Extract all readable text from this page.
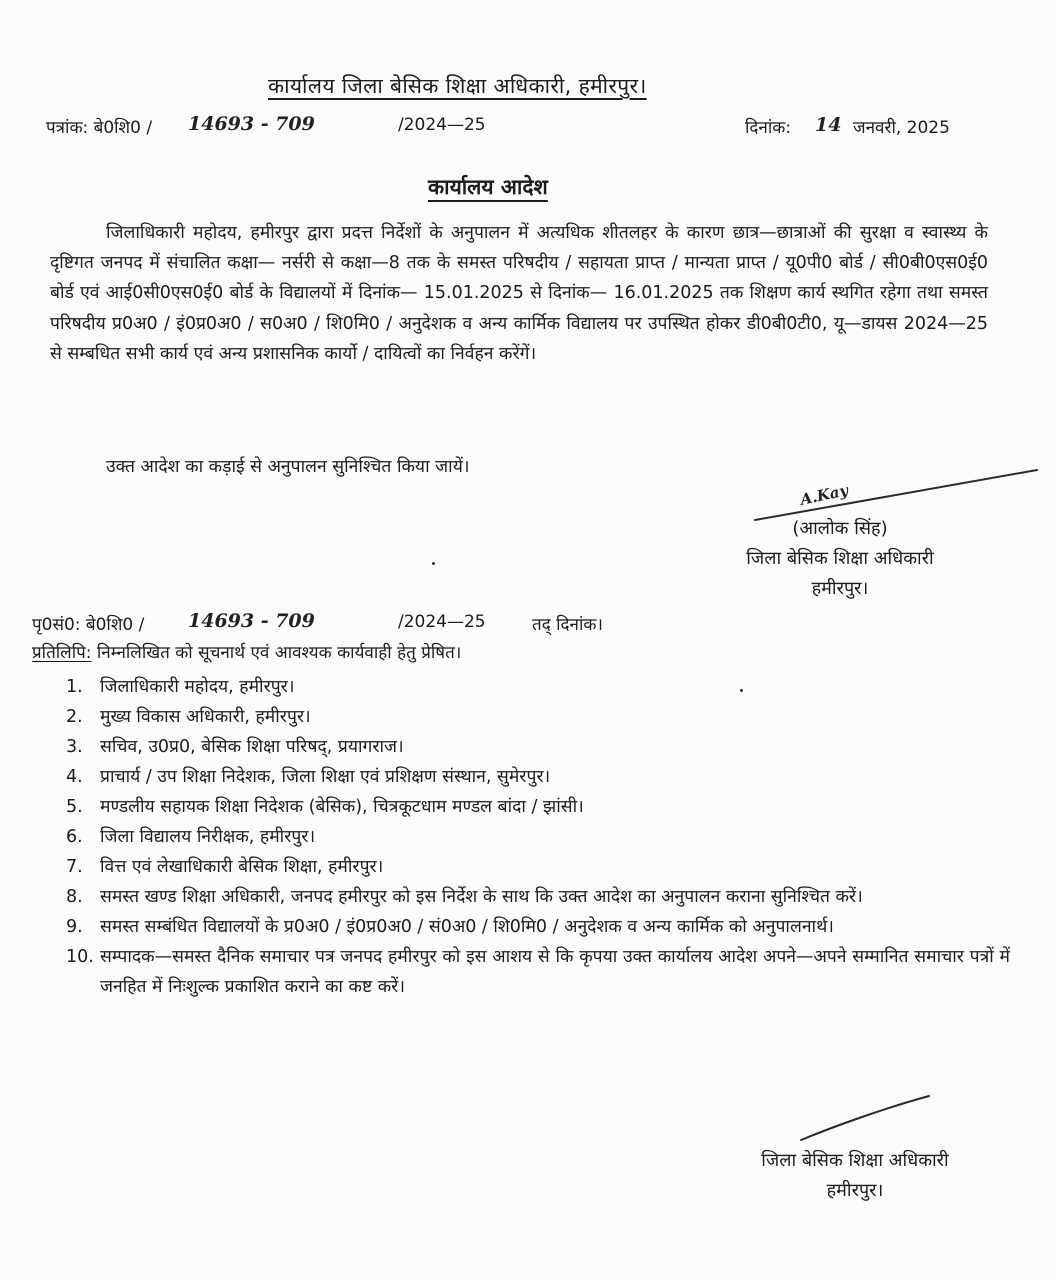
कार्यालय जिला बेसिक शिक्षा अधिकारी, हमीरपुर।
पत्रांक: बे0शि0 / 14693 - 709	/2024—25	दिनांक: 14 जनवरी, 2025
कार्यालय आदेश
जिलाधिकारी महोदय, हमीरपुर द्वारा प्रदत्त निर्देशों के अनुपालन में अत्यधिक शीतलहर के कारण छात्र—छात्राओं की सुरक्षा व स्वास्थ्य के दृष्टिगत जनपद में संचालित कक्षा— नर्सरी से कक्षा—8 तक के समस्त परिषदीय / सहायता प्राप्त / मान्यता प्राप्त / यू0पी0 बोर्ड / सी0बी0एस0ई0 बोर्ड एवं आई0सी0एस0ई0 बोर्ड के विद्यालयों में दिनांक— 15.01.2025 से दिनांक— 16.01.2025 तक शिक्षण कार्य स्थगित रहेगा तथा समस्त परिषदीय प्र0अ0 / इं0प्र0अ0 / स0अ0 / शि0मि0 / अनुदेशक व अन्य कार्मिक विद्यालय पर उपस्थित होकर डी0बी0टी0, यू—डायस 2024—25 से सम्बधित सभी कार्य एवं अन्य प्रशासनिक कार्यो / दायित्वों का निर्वहन करेंगें।
उक्त आदेश का कड़ाई से अनुपालन सुनिश्चित किया जायें।
A.Kay
(आलोक सिंह)
जिला बेसिक शिक्षा अधिकारी
हमीरपुर।
पृ0सं0: बे0शि0 / 14693 - 709	/2024—25	तद् दिनांक।
प्रतिलिपि: निम्नलिखित को सूचनार्थ एवं आवश्यक कार्यवाही हेतु प्रेषित।
1. जिलाधिकारी महोदय, हमीरपुर।
2. मुख्य विकास अधिकारी, हमीरपुर।
3. सचिव, उ0प्र0, बेसिक शिक्षा परिषद्, प्रयागराज।
4. प्राचार्य / उप शिक्षा निदेशक, जिला शिक्षा एवं प्रशिक्षण संस्थान, सुमेरपुर।
5. मण्डलीय सहायक शिक्षा निदेशक (बेसिक), चित्रकूटधाम मण्डल बांदा / झांसी।
6. जिला विद्यालय निरीक्षक, हमीरपुर।
7. वित्त एवं लेखाधिकारी बेसिक शिक्षा, हमीरपुर।
8. समस्त खण्ड शिक्षा अधिकारी, जनपद हमीरपुर को इस निर्देश के साथ कि उक्त आदेश का अनुपालन कराना सुनिश्चित करें।
9. समस्त सम्बंधित विद्यालयों के प्र0अ0 / इं0प्र0अ0 / सं0अ0 / शि0मि0 / अनुदेशक व अन्य कार्मिक को अनुपालनार्थ।
10. सम्पादक—समस्त दैनिक समाचार पत्र जनपद हमीरपुर को इस आशय से कि कृपया उक्त कार्यालय आदेश अपने—अपने सम्मानित समाचार पत्रों में जनहित में निःशुल्क प्रकाशित कराने का कष्ट करें।
जिला बेसिक शिक्षा अधिकारी
हमीरपुर।
